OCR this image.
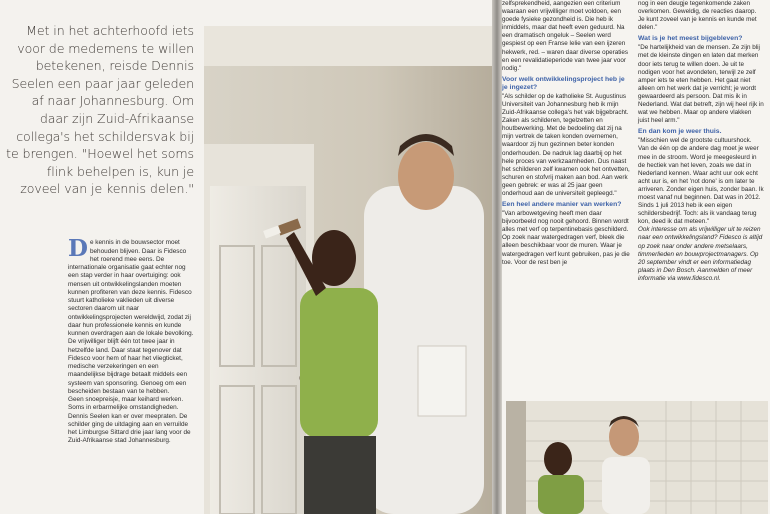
Met in het achterhoofd iets voor de medemens te willen betekenen, reisde Dennis Seelen een paar jaar geleden af naar Johannesburg. Om daar zijn Zuid-Afrikaanse collega's het schildersvak bij te brengen. "Hoewel het soms flink behelpen is, kun je zoveel van je kennis delen."

De kennis in de bouwsector moet behouden blijven. Daar is Fidesco het roerend mee eens. De internationale organisatie gaat echter nog een stap verder in haar overtuiging: ook mensen uit ontwikkelingslanden moeten kunnen profiteren van deze kennis. Fidesco stuurt katholieke vaklieden uit diverse sectoren daarom uit naar ontwikkelingsprojecten wereldwijd, zodat zij daar hun professionele kennis en kunde kunnen overdragen aan de lokale bevolking. De vrijwilliger blijft één tot twee jaar in hetzelfde land. Daar staat tegenover dat Fidesco voor hem of haar het vliegticket, medische verzekeringen en een maandelijkse bijdrage betaalt middels een systeem van sponsoring. Genoeg om een bescheiden bestaan van te hebben.
Geen snoepreisje, maar keihard werken. Soms in erbarmelijke omstandigheden. Dennis Seelen kan er over meepraten. De schilder ging de uitdaging aan en verruilde het Limburgse Sittard drie jaar lang voor de Zuid-Afrikaanse stad Johannesburg.

zelfsprekendheid, aangezien een criterium waaraan een vrijwilliger moet voldoen, een goede fysieke gezondheid is. Die heb ik inmiddels, maar dat heeft even geduurd. Na een dramatisch ongeluk – Seelen werd gespiest op een Franse lelie van een ijzeren hekwerk, red. – waren daar diverse operaties en een revalidatieperiode van twee jaar voor nodig."

Voor welk ontwikkelingsproject heb je je ingezet?

"Als schilder op de katholieke St. Augustinus Universiteit van Johannesburg heb ik mijn Zuid-Afrikaanse collega's het vak bijgebracht. Zaken als schilderen, tegelzetten en houtbewerking. Met de bedoeling dat zij na mijn vertrek de taken konden overnemen, waardoor zij hun gezinnen beter konden onderhouden. De nadruk lag daarbij op het hele proces van werkzaamheden. Dus naast het schilderen zelf kwamen ook het ontvetten, schuren en stofvrij maken aan bod. Aan werk geen gebrek: er was al 25 jaar geen onderhoud aan de universiteit gepleegd."

Een heel andere manier van werken?

"Van arbowetgeving heeft men daar bijvoorbeeld nog nooit gehoord. Binnen wordt alles met verf op terpentinebasis geschilderd. Op zoek naar watergedragen verf, bleek die alleen beschikbaar voor de muren. Waar je watergedragen verf kunt gebruiken, pas je die toe. Voor de rest ben je

nog in een deugje tegenkomende zaken overkomen. Geweldig, de reacties daarop. Je kunt zoveel van je kennis en kunde met delen."

Wat is je het meest bijgebleven?

"De hartelijkheid van de mensen. Ze zijn blij met de kleinste dingen en laten dat merken door iets terug te willen doen. Je uit te nodigen voor het avondeten, terwijl ze zelf amper iets te eten hebben. Het gaat niet alleen om het werk dat je verricht; je wordt gewaardeerd als persoon. Dat mis ik in Nederland. Wat dat betreft, zijn wij heel rijk in wat we hebben. Maar op andere vlakken juist heel arm."

En dan kom je weer thuis.

"Misschien wel de grootste cultuurshock. Van de één op de andere dag moet je weer mee in de stroom. Word je meegesleurd in de hectiek van het leven, zoals we dat in Nederland kennen. Waar acht uur ook echt acht uur is, en het 'not done' is om later te arriveren. Zonder eigen huis, zonder baan. Ik moest vanaf nul beginnen. Dat was in 2012. Sinds 1 juli 2013 heb ik een eigen schildersbedrijf. Toch: als ik vandaag terug kon, deed ik dat meteen."

Ook interesse om als vrijwilliger uit te reizen naar een ontwikkelingsland? Fidesco is altijd op zoek naar onder andere metselaars, timmerlieden en bouwprojectmanagers. Op 20 september vindt er een informatiedag plaats in Den Bosch. Aanmelden of meer informatie via www.fidesco.nl.
